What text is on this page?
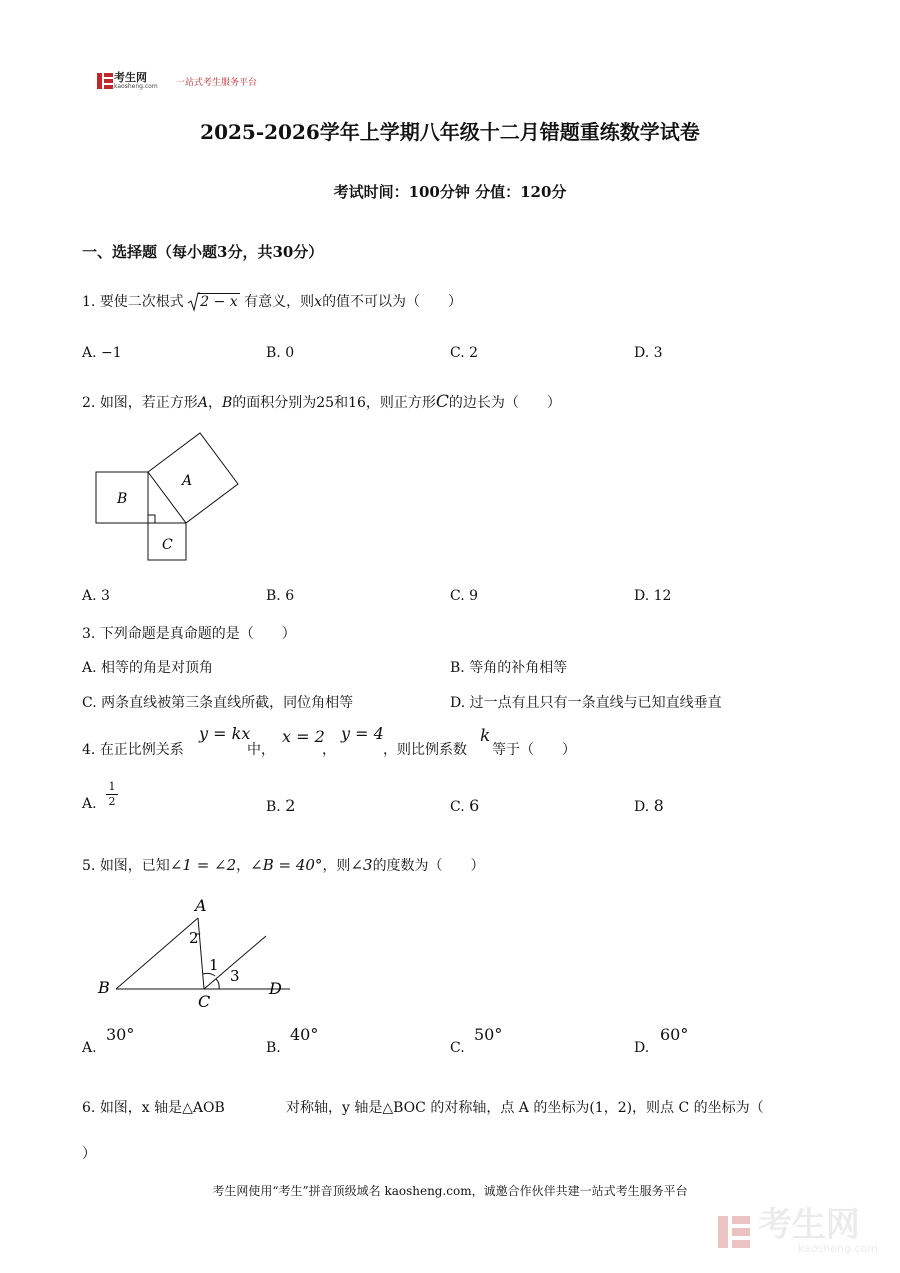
考生网
kaosheng.com	一站式考生服务平台
2025-2026学年上学期八年级十二月错题重练数学试卷
考试时间：100分钟 分值：120分
一、选择题（每小题3分，共30分）
1. 要使二次根式 2 − x 有意义，则x的值不可以为（　　）
A. −1	B. 0	C. 2	D. 3
2. 如图，若正方形A，B的面积分别为25和16，则正方形C的边长为（　　）
A
B
C
A. 3	B. 6	C. 9	D. 12
3. 下列命题是真命题的是（　　）
A. 相等的角是对顶角	B. 等角的补角相等
C. 两条直线被第三条直线所截，同位角相等	D. 过一点有且只有一条直线与已知直线垂直
4. 在正比例关系
y = kx
中，
x = 2
，
y = 4
，则比例系数
k
等于（　　）
A. $\frac{1}{2}$	B. 2	C. 6	D. 8
5. 如图，已知∠1 = ∠2，∠B = 40°，则∠3的度数为（　　）
A
B
C
D
2
1
3
A.
30°
B.
40°
C.
50°
D.
60°
6. 如图，x 轴是△AOB	对称轴，y 轴是△BOC 的对称轴，点 A 的坐标为(1，2)，则点 C 的坐标为（
）
考生网使用“考生”拼音顶级域名 kaosheng.com，诚邀合作伙伴共建一站式考生服务平台
考生网
kaosheng.com
